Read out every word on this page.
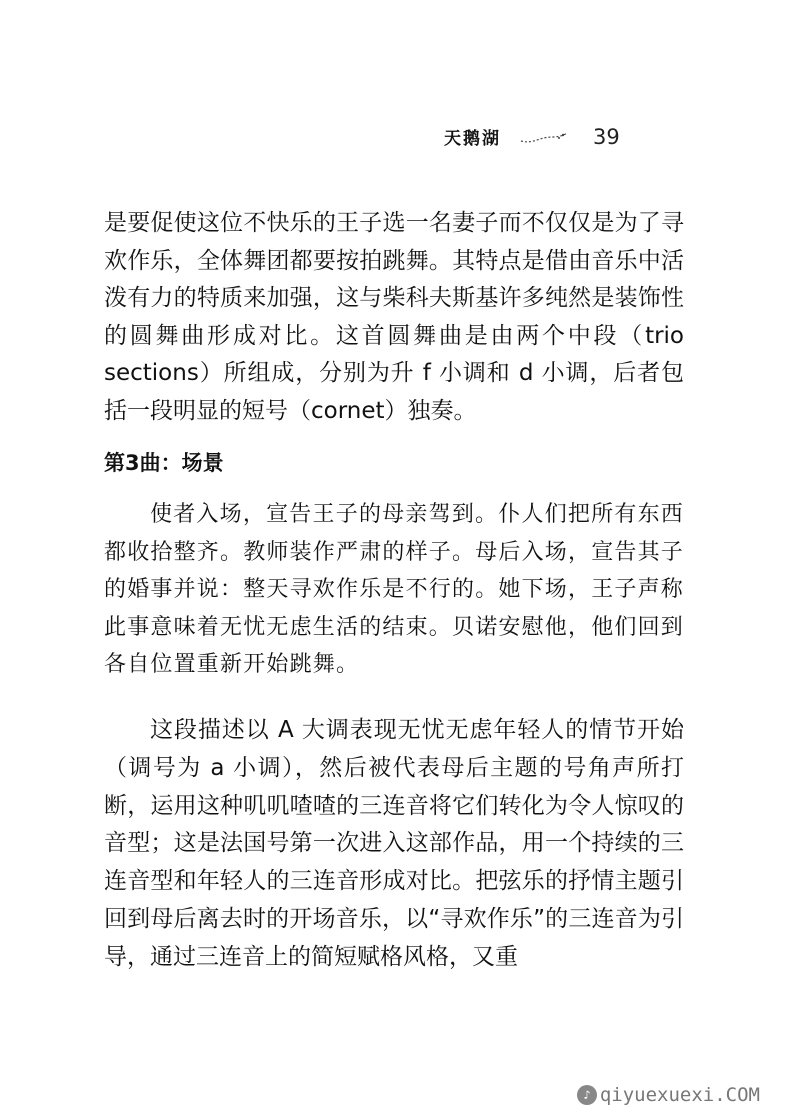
天鹅湖	39

是要促使这位不快乐的王子选一名妻子而不仅仅是为了寻欢作乐，全体舞团都要按拍跳舞。其特点是借由音乐中活泼有力的特质来加强，这与柴科夫斯基许多纯然是装饰性的圆舞曲形成对比。这首圆舞曲是由两个中段（trio sections）所组成，分别为升 f 小调和 d 小调，后者包括一段明显的短号（cornet）独奏。

第3曲：场景

使者入场，宣告王子的母亲驾到。仆人们把所有东西都收拾整齐。教师装作严肃的样子。母后入场，宣告其子的婚事并说：整天寻欢作乐是不行的。她下场，王子声称此事意味着无忧无虑生活的结束。贝诺安慰他，他们回到各自位置重新开始跳舞。

这段描述以 A 大调表现无忧无虑年轻人的情节开始（调号为 a 小调），然后被代表母后主题的号角声所打断，运用这种叽叽喳喳的三连音将它们转化为令人惊叹的音型；这是法国号第一次进入这部作品，用一个持续的三连音型和年轻人的三连音形成对比。把弦乐的抒情主题引回到母后离去时的开场音乐，以“寻欢作乐”的三连音为引导，通过三连音上的简短赋格风格，又重

♪ qiyuexuexi.COM
